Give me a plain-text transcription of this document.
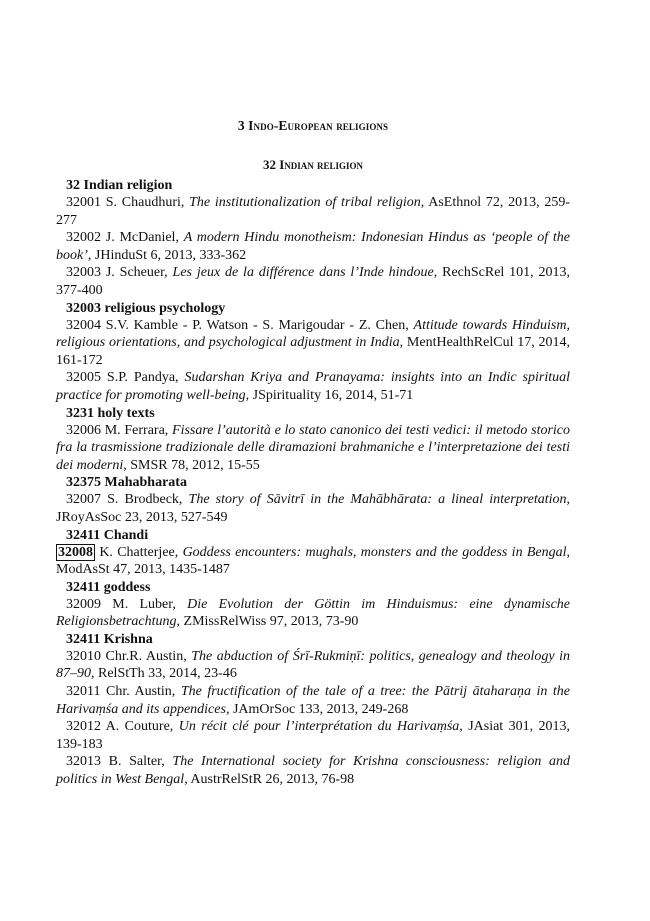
3 Indo-European religions
32 Indian religion
32 Indian religion

32001 S. Chaudhuri, The institutionalization of tribal religion, AsEthnol 72, 2013, 259-277

32002 J. McDaniel, A modern Hindu monotheism: Indonesian Hindus as ‘people of the book’, JHinduSt 6, 2013, 333-362

32003 J. Scheuer, Les jeux de la différence dans l’Inde hindoue, RechScRel 101, 2013, 377-400

32003 religious psychology

32004 S.V. Kamble - P. Watson - S. Marigoudar - Z. Chen, Attitude towards Hinduism, religious orientations, and psychological adjustment in India, MentHealthRelCul 17, 2014, 161-172

32005 S.P. Pandya, Sudarshan Kriya and Pranayama: insights into an Indic spiritual practice for promoting well-being, JSpirituality 16, 2014, 51-71

3231 holy texts

32006 M. Ferrara, Fissare l’autorità e lo stato canonico dei testi vedici: il metodo storico fra la trasmissione tradizionale delle diramazioni brahmaniche e l’interpretazione dei testi dei moderni, SMSR 78, 2012, 15-55

32375 Mahabharata

32007 S. Brodbeck, The story of Sāvitrī in the Mahābhārata: a lineal interpretation, JRoyAsSoc 23, 2013, 527-549

32411 Chandi

32008 K. Chatterjee, Goddess encounters: mughals, monsters and the goddess in Bengal, ModAsSt 47, 2013, 1435-1487

32411 goddess

32009 M. Luber, Die Evolution der Göttin im Hinduismus: eine dynamische Religionsbetrachtung, ZMissRelWiss 97, 2013, 73-90

32411 Krishna

32010 Chr.R. Austin, The abduction of Śrī-Rukmiṇī: politics, genealogy and theology in 87–90, RelStTh 33, 2014, 23-46

32011 Chr. Austin, The fructification of the tale of a tree: the Pātrij ātaharaṇa in the Harivaṃśa and its appendices, JAmOrSoc 133, 2013, 249-268

32012 A. Couture, Un récit clé pour l’interprétation du Harivaṃśa, JAsiat 301, 2013, 139-183

32013 B. Salter, The International society for Krishna consciousness: religion and politics in West Bengal, AustrRelStR 26, 2013, 76-98
